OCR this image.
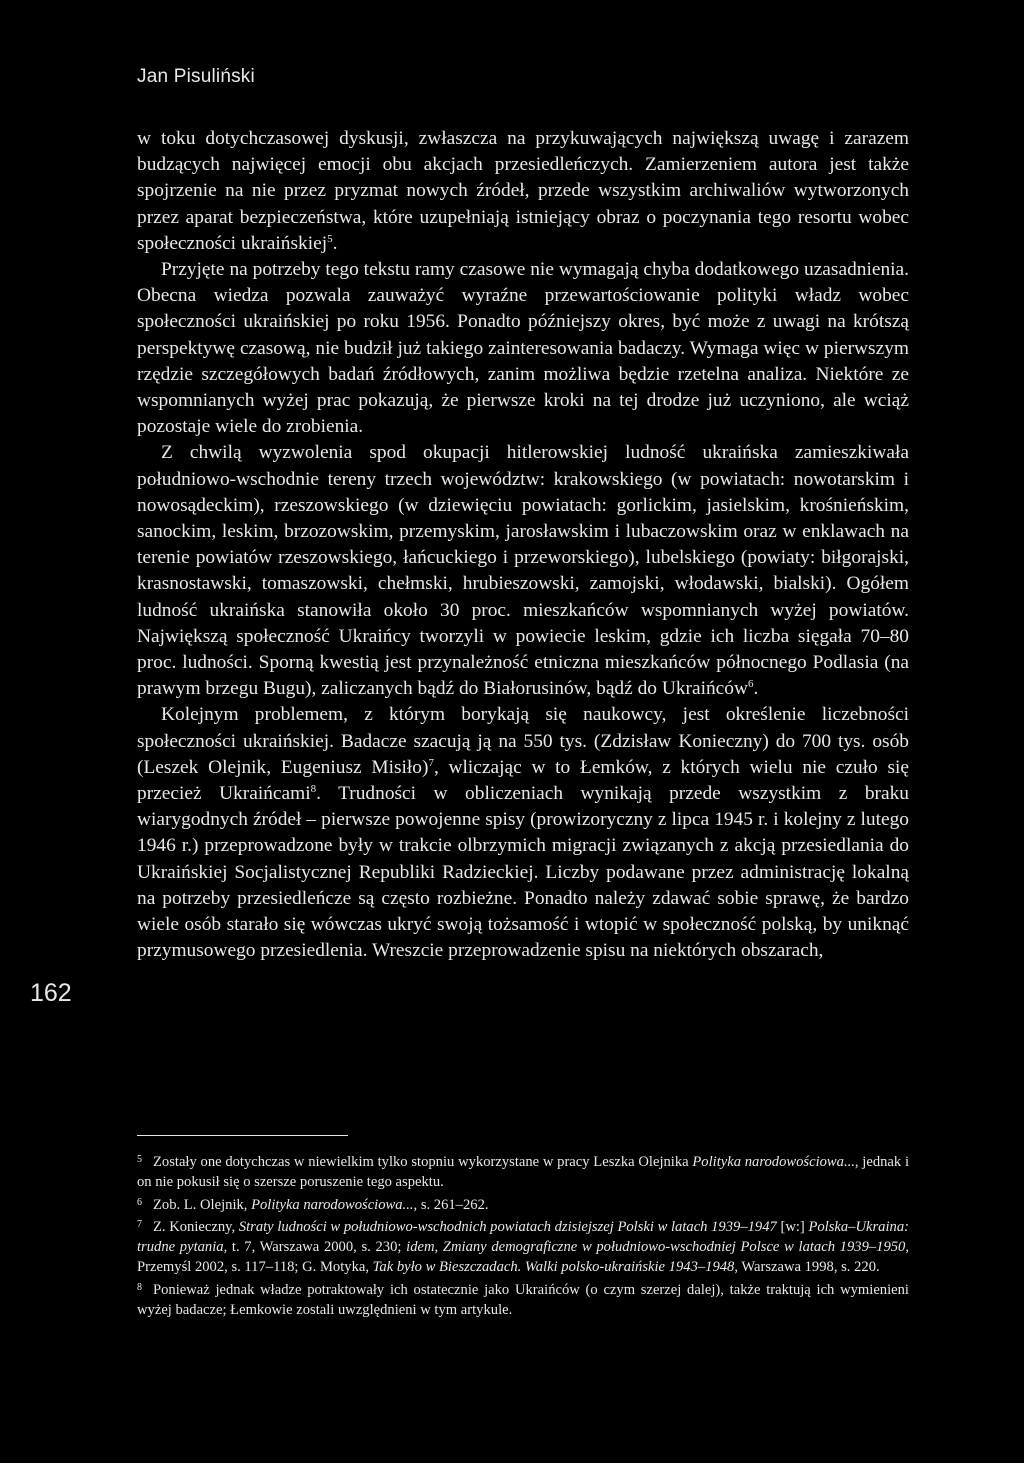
Jan Pisuliński

w toku dotychczasowej dyskusji, zwłaszcza na przykuwających największą uwagę i zarazem budzących najwięcej emocji obu akcjach przesiedleńczych. Zamierzeniem autora jest także spojrzenie na nie przez pryzmat nowych źródeł, przede wszystkim archiwaliów wytworzonych przez aparat bezpieczeństwa, które uzupełniają istniejący obraz o poczynania tego resortu wobec społeczności ukraińskiej$^5$.

Przyjęte na potrzeby tego tekstu ramy czasowe nie wymagają chyba dodatkowego uzasadnienia. Obecna wiedza pozwala zauważyć wyraźne przewartościowanie polityki władz wobec społeczności ukraińskiej po roku 1956. Ponadto późniejszy okres, być może z uwagi na krótszą perspektywę czasową, nie budził już takiego zainteresowania badaczy. Wymaga więc w pierwszym rzędzie szczegółowych badań źródłowych, zanim możliwa będzie rzetelna analiza. Niektóre ze wspomnianych wyżej prac pokazują, że pierwsze kroki na tej drodze już uczyniono, ale wciąż pozostaje wiele do zrobienia.

Z chwilą wyzwolenia spod okupacji hitlerowskiej ludność ukraińska zamieszkiwała południowo-wschodnie tereny trzech województw: krakowskiego (w powiatach: nowotarskim i nowosądeckim), rzeszowskiego (w dziewięciu powiatach: gorlickim, jasielskim, krośnieńskim, sanockim, leskim, brzozowskim, przemyskim, jarosławskim i lubaczowskim oraz w enklawach na terenie powiatów rzeszowskiego, łańcuckiego i przeworskiego), lubelskiego (powiaty: biłgorajski, krasnostawski, tomaszowski, chełmski, hrubieszowski, zamojski, włodawski, bialski). Ogółem ludność ukraińska stanowiła około 30 proc. mieszkańców wspomnianych wyżej powiatów. Największą społeczność Ukraińcy tworzyli w powiecie leskim, gdzie ich liczba sięgała 70–80 proc. ludności. Sporną kwestią jest przynależność etniczna mieszkańców północnego Podlasia (na prawym brzegu Bugu), zaliczanych bądź do Białorusinów, bądź do Ukraińców$^6$.

Kolejnym problemem, z którym borykają się naukowcy, jest określenie liczebności społeczności ukraińskiej. Badacze szacują ją na 550 tys. (Zdzisław Konieczny) do 700 tys. osób (Leszek Olejnik, Eugeniusz Misiło)$^7$, wliczając w to Łemków, z których wielu nie czuło się przecież Ukraińcami$^8$. Trudności w obliczeniach wynikają przede wszystkim z braku wiarygodnych źródeł – pierwsze powojenne spisy (prowizoryczny z lipca 1945 r. i kolejny z lutego 1946 r.) przeprowadzone były w trakcie olbrzymich migracji związanych z akcją przesiedlania do Ukraińskiej Socjalistycznej Republiki Radzieckiej. Liczby podawane przez administrację lokalną na potrzeby przesiedleńcze są często rozbieżne. Ponadto należy zdawać sobie sprawę, że bardzo wiele osób starało się wówczas ukryć swoją tożsamość i wtopić w społeczność polską, by uniknąć przymusowego przesiedlenia. Wreszcie przeprowadzenie spisu na niektórych obszarach,

162

5 Zostały one dotychczas w niewielkim tylko stopniu wykorzystane w pracy Leszka Olejnika Polityka narodowościowa..., jednak i on nie pokusił się o szersze poruszenie tego aspektu.

6 Zob. L. Olejnik, Polityka narodowościowa..., s. 261–262.

7 Z. Konieczny, Straty ludności w południowo-wschodnich powiatach dzisiejszej Polski w latach 1939–1947 [w:] Polska–Ukraina: trudne pytania, t. 7, Warszawa 2000, s. 230; idem, Zmiany demograficzne w południowo-wschodniej Polsce w latach 1939–1950, Przemyśl 2002, s. 117–118; G. Motyka, Tak było w Bieszczadach. Walki polsko-ukraińskie 1943–1948, Warszawa 1998, s. 220.

8 Ponieważ jednak władze potraktowały ich ostatecznie jako Ukraińców (o czym szerzej dalej), także traktują ich wymienieni wyżej badacze; Łemkowie zostali uwzględnieni w tym artykule.
